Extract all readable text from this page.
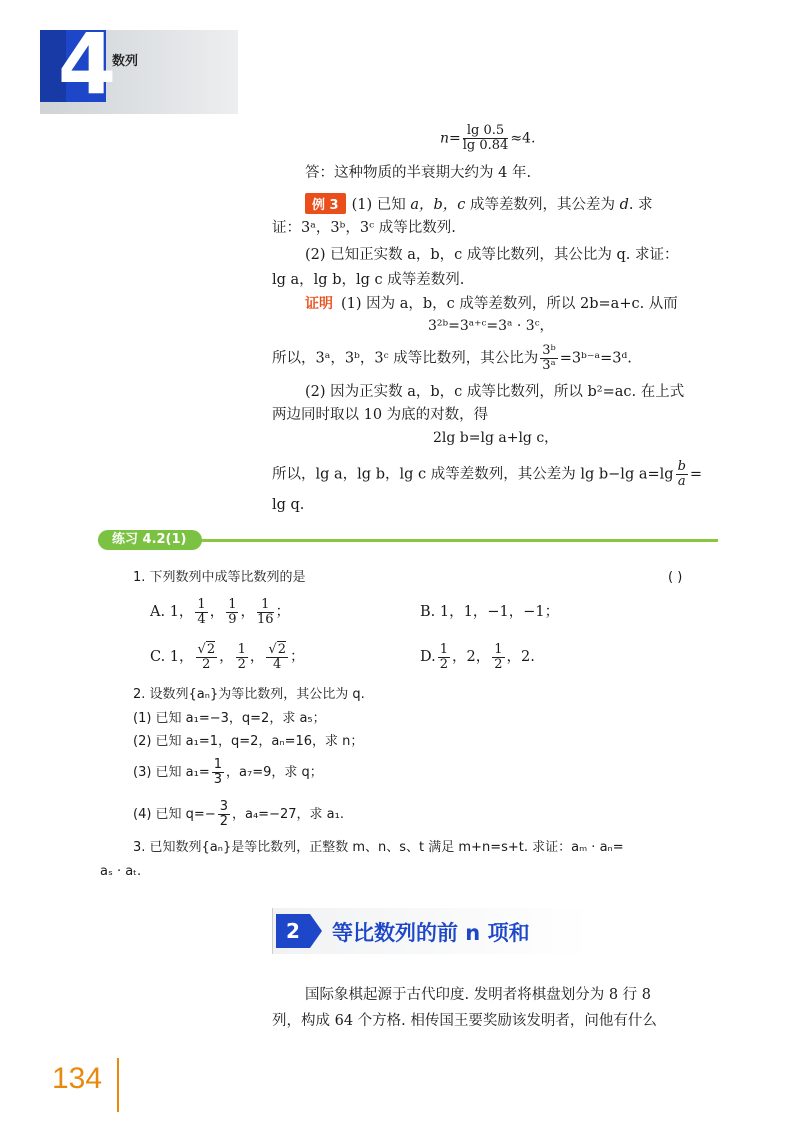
4
数列
$n= \frac{\lg 0.5}{\lg 0.84} \approx 4$.
答：这种物质的半衰期大约为 4 年.
例 3 (1) 已知 a，b，c 成等差数列，其公差为 d. 求
证：3ᵃ，3ᵇ，3ᶜ 成等比数列.
(2) 已知正实数 a，b，c 成等比数列，其公比为 q. 求证：
lg a，lg b，lg c 成等差数列.
证明 (1) 因为 a，b，c 成等差数列，所以 2b=a+c. 从而
3²ᵇ=3ᵃ⁺ᶜ=3ᵃ · 3ᶜ，
所以，3ᵃ，3ᵇ，3ᶜ 成等比数列，其公比为 $\frac{\text{3ᵇ}}{\text{3ᵃ}}$ =3ᵇ⁻ᵃ=3ᵈ.
(2) 因为正实数 a，b，c 成等比数列，所以 b²=ac. 在上式
两边同时取以 10 为底的对数，得
2lg b=lg a+lg c，
所以，lg a，lg b，lg c 成等差数列，其公差为 lg b−lg $a=\lg \frac{b}{a}$ =
lg q.
练习 4.2(1)
1. 下列数列中成等比数列的是	( )
A. 1， $\frac{1}{4}$ ， $\frac{1}{9}$ ， $\frac{1}{16}$ ；	B. 1，1，−1，−1；
C. 1， $\frac{√2}{2}$ ， $\frac{1}{2}$ ， $\frac{√2}{4}$ ；	D. $\frac{1}{2}$ ，2， $\frac{1}{2}$ ，2.
2. 设数列{aₙ}为等比数列，其公比为 q.
(1) 已知 a₁=−3，q=2，求 a₅；
(2) 已知 a₁=1，q=2，aₙ=16，求 n；
(3) 已知 $a_1= \frac{1}{3}$ ，a₇=9，求 q；
(4) 已知 $q=- \frac{3}{2}$ ，a₄=−27，求 a₁.
3. 已知数列{aₙ}是等比数列，正整数 m、n、s、t 满足 m+n=s+t. 求证：aₘ · aₙ=
aₛ · aₜ.
2	等比数列的前 n 项和
国际象棋起源于古代印度. 发明者将棋盘划分为 8 行 8
列，构成 64 个方格. 相传国王要奖励该发明者，问他有什么
134
